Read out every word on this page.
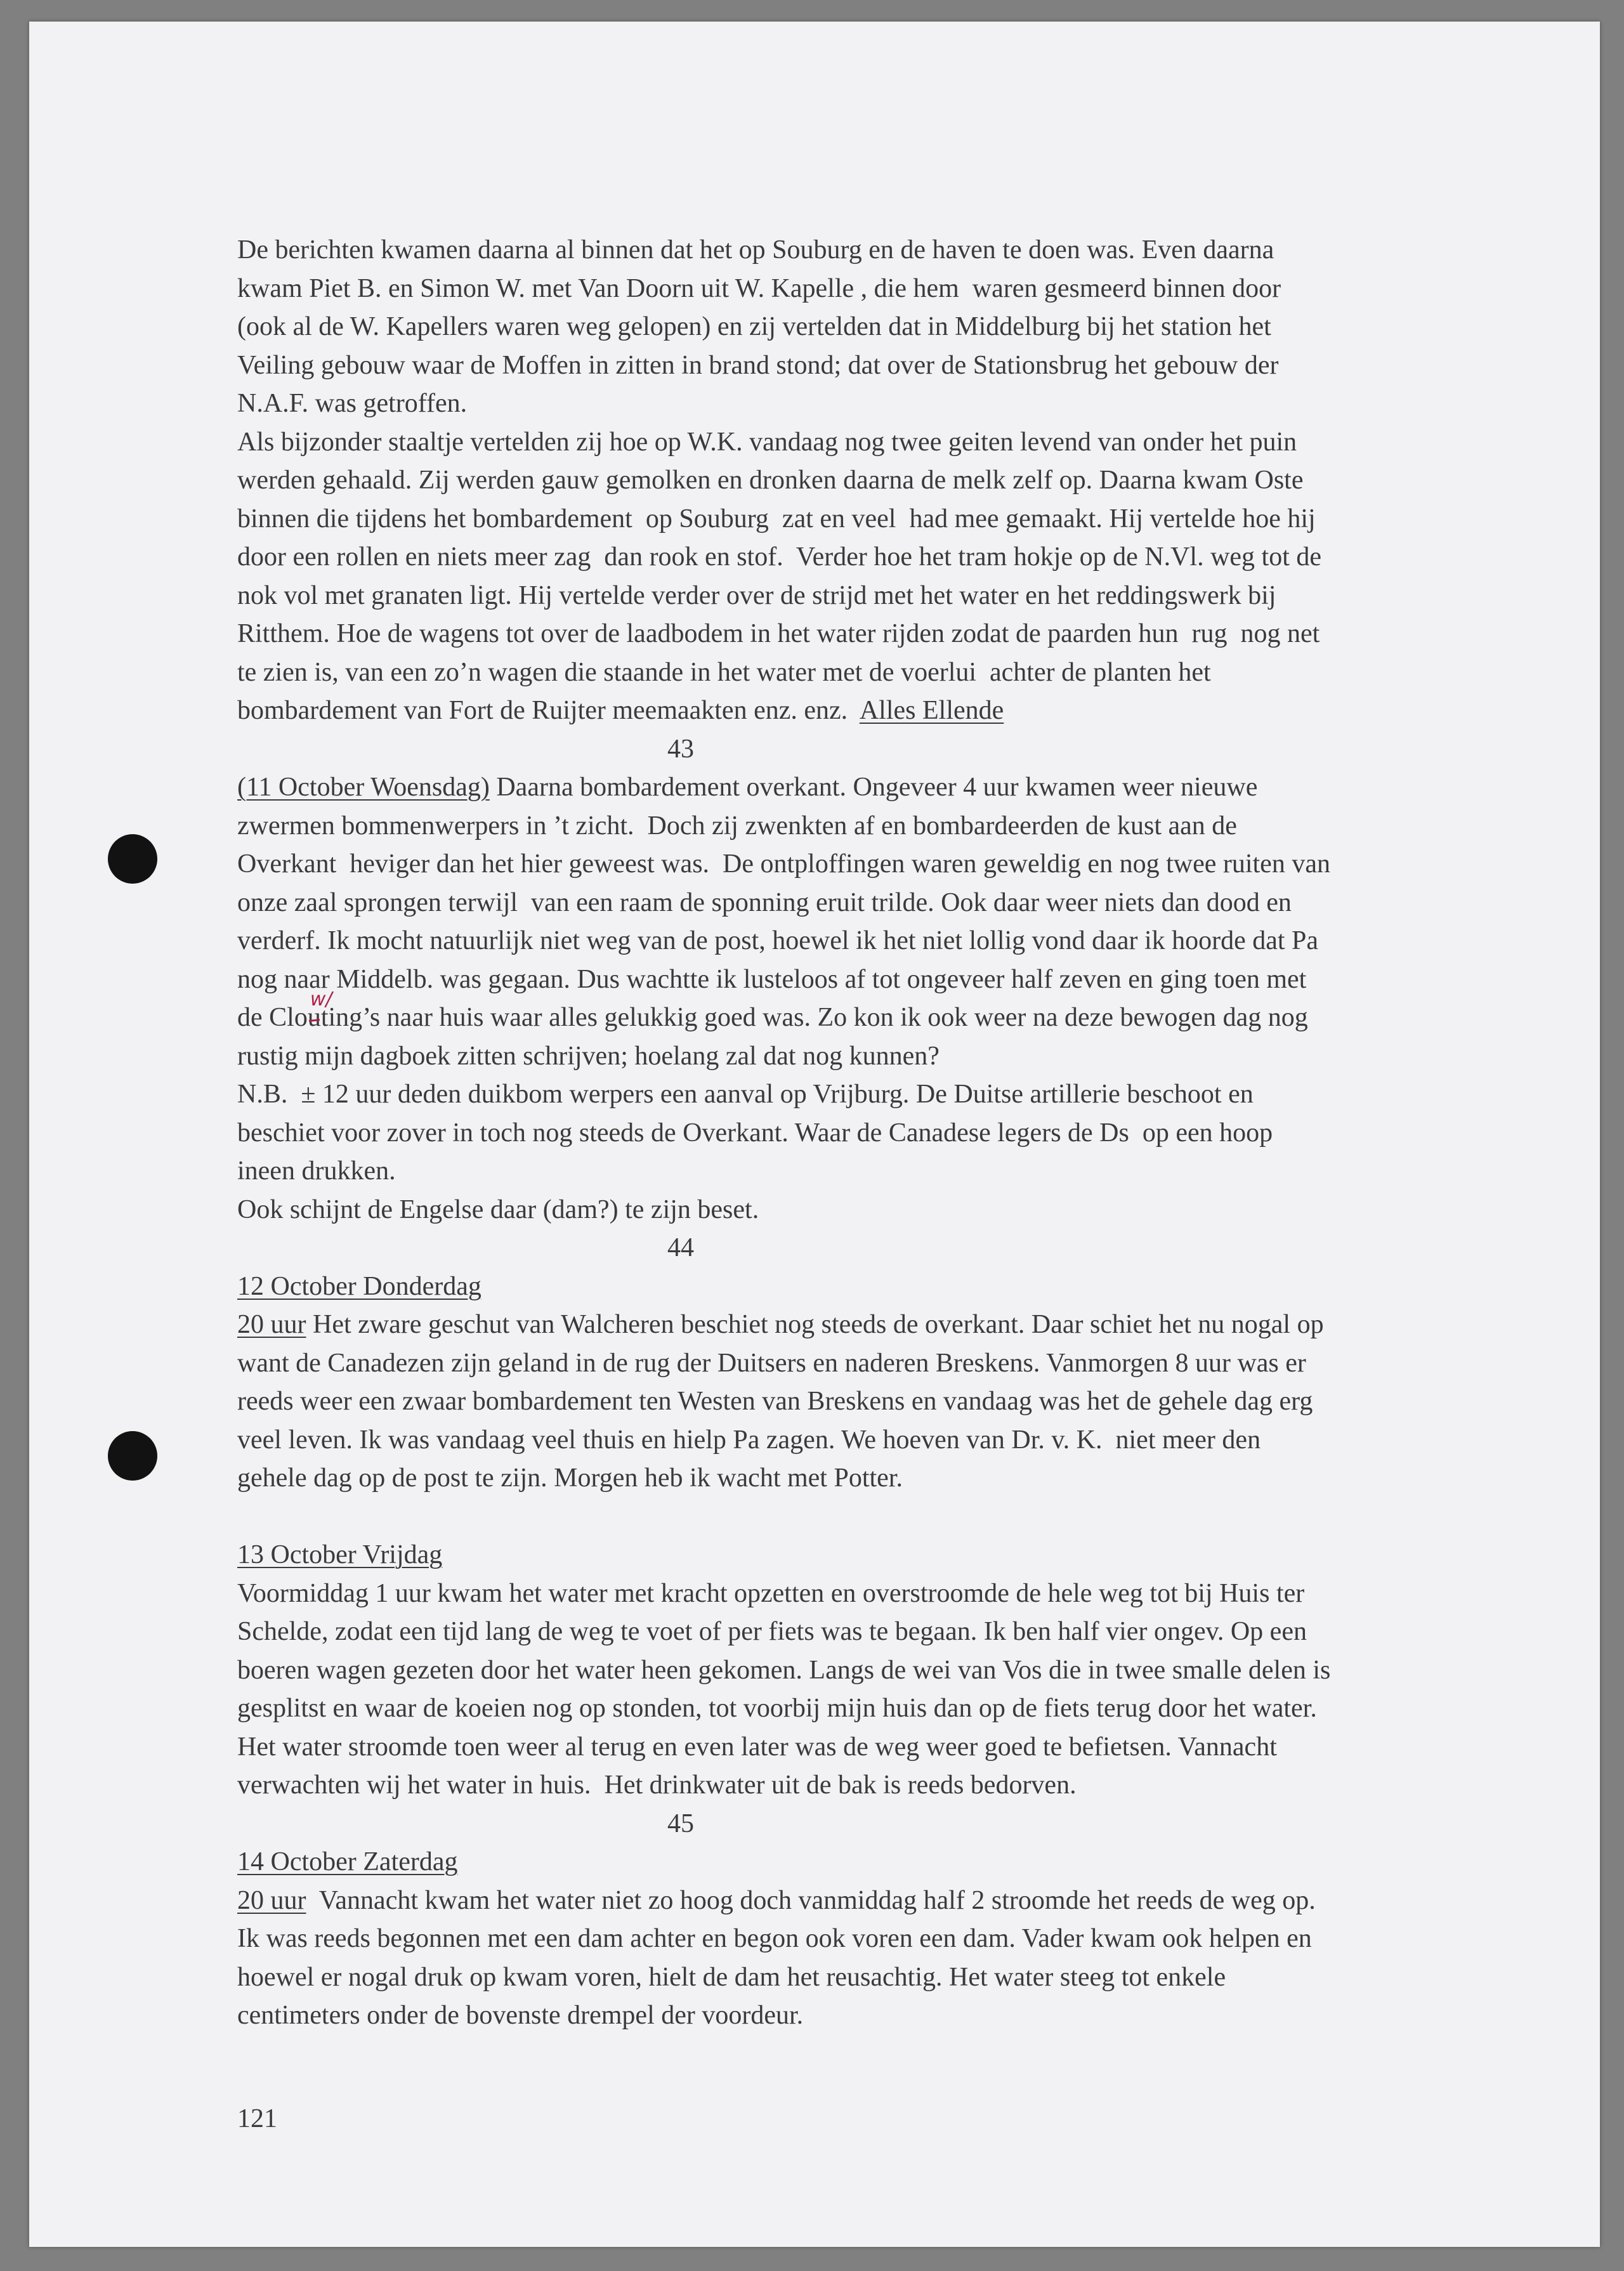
De berichten kwamen daarna al binnen dat het op Souburg en de haven te doen was. Even daarna
kwam Piet B. en Simon W. met Van Doorn uit W. Kapelle , die hem  waren gesmeerd binnen door
(ook al de W. Kapellers waren weg gelopen) en zij vertelden dat in Middelburg bij het station het
Veiling gebouw waar de Moffen in zitten in brand stond; dat over de Stationsbrug het gebouw der
N.A.F. was getroffen.
Als bijzonder staaltje vertelden zij hoe op W.K. vandaag nog twee geiten levend van onder het puin
werden gehaald. Zij werden gauw gemolken en dronken daarna de melk zelf op. Daarna kwam Oste
binnen die tijdens het bombardement  op Souburg  zat en veel  had mee gemaakt. Hij vertelde hoe hij
door een rollen en niets meer zag  dan rook en stof.  Verder hoe het tram hokje op de N.Vl. weg tot de
nok vol met granaten ligt. Hij vertelde verder over de strijd met het water en het reddingswerk bij
Ritthem. Hoe de wagens tot over de laadbodem in het water rijden zodat de paarden hun  rug  nog net
te zien is, van een zo’n wagen die staande in het water met de voerlui  achter de planten het
bombardement van Fort de Ruijter meemaakten enz. enz. Alles Ellende
43
(11 October Woensdag) Daarna bombardement overkant. Ongeveer 4 uur kwamen weer nieuwe
zwermen bommenwerpers in ’t zicht.  Doch zij zwenkten af en bombardeerden de kust aan de
Overkant  heviger dan het hier geweest was.  De ontploffingen waren geweldig en nog twee ruiten van
onze zaal sprongen terwijl  van een raam de sponning eruit trilde. Ook daar weer niets dan dood en
verderf. Ik mocht natuurlijk niet weg van de post, hoewel ik het niet lollig vond daar ik hoorde dat Pa
nog naar Middelb. was gegaan. Dus wachtte ik lusteloos af tot ongeveer half zeven en ging toen met
de Clou
w/
ting’s naar huis waar alles gelukkig goed was. Zo kon ik ook weer na deze bewogen dag nog
rustig mijn dagboek zitten schrijven; hoelang zal dat nog kunnen?
N.B.  ± 12 uur deden duikbom werpers een aanval op Vrijburg. De Duitse artillerie beschoot en
beschiet voor zover in toch nog steeds de Overkant. Waar de Canadese legers de Ds  op een hoop
ineen drukken.
Ook schijnt de Engelse daar (dam?) te zijn beset.
44
12 October Donderdag
20 uur Het zware geschut van Walcheren beschiet nog steeds de overkant. Daar schiet het nu nogal op
want de Canadezen zijn geland in de rug der Duitsers en naderen Breskens. Vanmorgen 8 uur was er
reeds weer een zwaar bombardement ten Westen van Breskens en vandaag was het de gehele dag erg
veel leven. Ik was vandaag veel thuis en hielp Pa zagen. We hoeven van Dr. v. K.  niet meer den
gehele dag op de post te zijn. Morgen heb ik wacht met Potter.
13 October Vrijdag
Voormiddag 1 uur kwam het water met kracht opzetten en overstroomde de hele weg tot bij Huis ter
Schelde, zodat een tijd lang de weg te voet of per fiets was te begaan. Ik ben half vier ongev. Op een
boeren wagen gezeten door het water heen gekomen. Langs de wei van Vos die in twee smalle delen is
gesplitst en waar de koeien nog op stonden, tot voorbij mijn huis dan op de fiets terug door het water.
Het water stroomde toen weer al terug en even later was de weg weer goed te befietsen. Vannacht
verwachten wij het water in huis.  Het drinkwater uit de bak is reeds bedorven.
45
14 October Zaterdag
20 uur  Vannacht kwam het water niet zo hoog doch vanmiddag half 2 stroomde het reeds de weg op.
Ik was reeds begonnen met een dam achter en begon ook voren een dam. Vader kwam ook helpen en
hoewel er nogal druk op kwam voren, hielt de dam het reusachtig. Het water steeg tot enkele
centimeters onder de bovenste drempel der voordeur.
121
